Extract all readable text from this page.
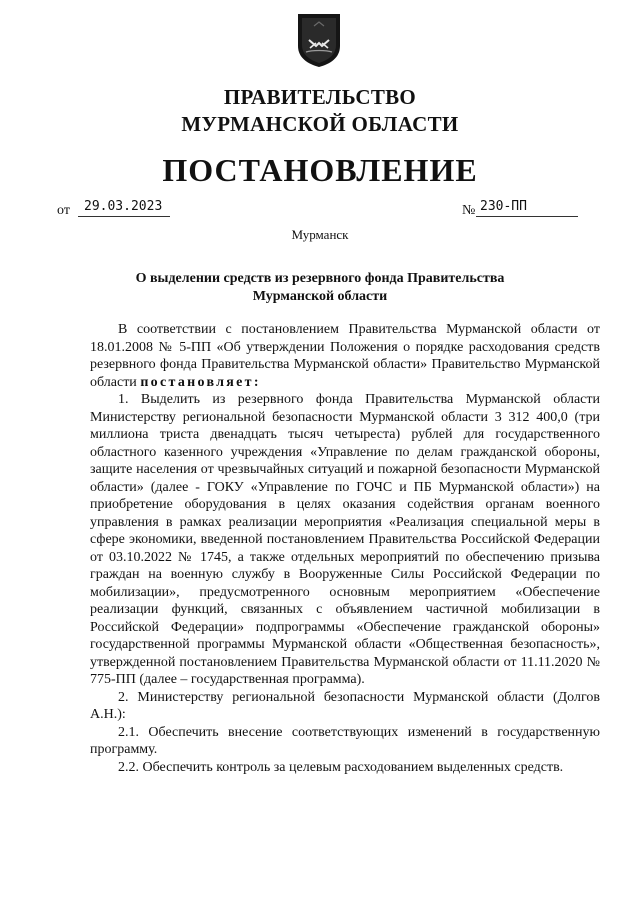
ПРАВИТЕЛЬСТВО
МУРМАНСКОЙ ОБЛАСТИ
ПОСТАНОВЛЕНИЕ
от 29.03.2023	№ 230-ПП
Мурманск
О выделении средств из резервного фонда Правительства
Мурманской области

В соответствии с постановлением Правительства Мурманской области от 18.01.2008 № 5-ПП «Об утверждении Положения о порядке расходования средств резервного фонда Правительства Мурманской области» Правительство Мурманской области постановляет:

1. Выделить из резервного фонда Правительства Мурманской области Министерству региональной безопасности Мурманской области 3 312 400,0 (три миллиона триста двенадцать тысяч четыреста) рублей для государственного областного казенного учреждения «Управление по делам гражданской обороны, защите населения от чрезвычайных ситуаций и пожарной безопасности Мурманской области» (далее - ГОКУ «Управление по ГОЧС и ПБ Мурманской области») на приобретение оборудования в целях оказания содействия органам военного управления в рамках реализации мероприятия «Реализация специальной меры в сфере экономики, введенной постановлением Правительства Российской Федерации от 03.10.2022 № 1745, а также отдельных мероприятий по обеспечению призыва граждан на военную службу в Вооруженные Силы Российской Федерации по мобилизации», предусмотренного основным мероприятием «Обеспечение реализации функций, связанных с объявлением частичной мобилизации в Российской Федерации» подпрограммы «Обеспечение гражданской обороны» государственной программы Мурманской области «Общественная безопасность», утвержденной постановлением Правительства Мурманской области от 11.11.2020 № 775-ПП (далее – государственная программа).

2. Министерству региональной безопасности Мурманской области (Долгов А.Н.):

2.1. Обеспечить внесение соответствующих изменений в государственную программу.

2.2. Обеспечить контроль за целевым расходованием выделенных средств.
